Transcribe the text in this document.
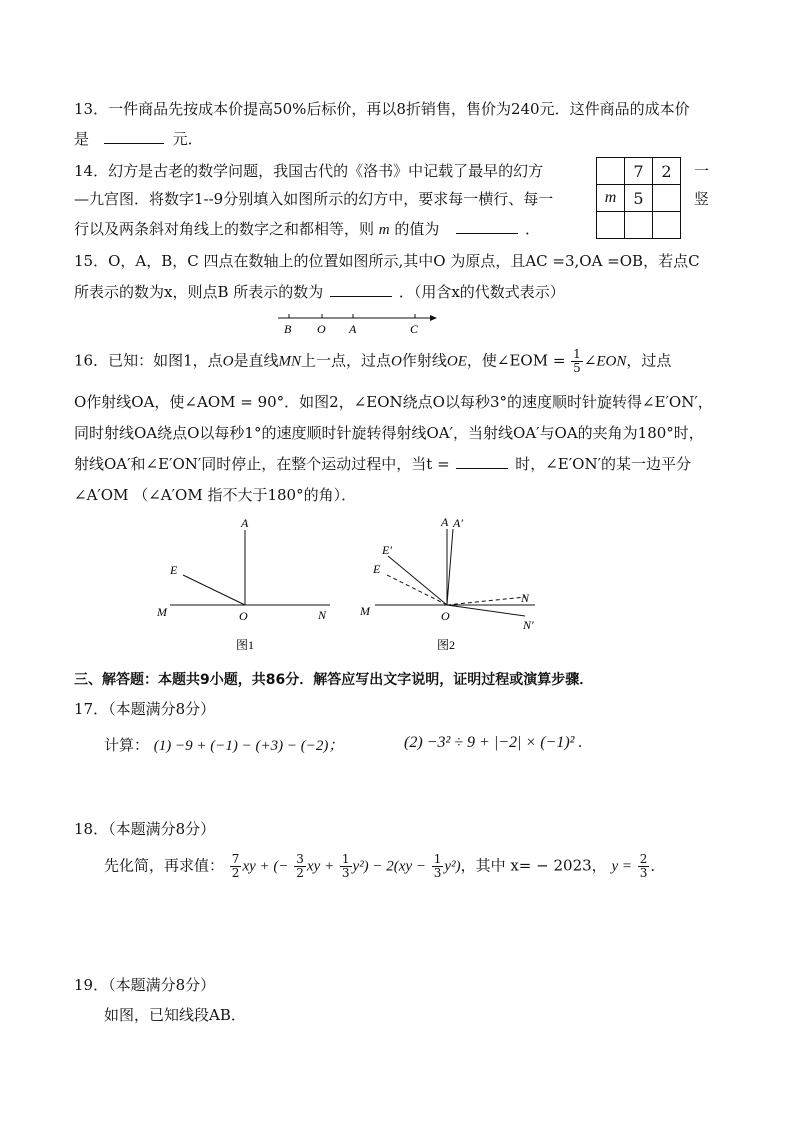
13．一件商品先按成本价提高50%后标价，再以8折销售，售价为240元．这件商品的成本价
是	元．
14．幻方是古老的数学问题，我国古代的《洛书》中记载了最早的幻方	一
—九宫图．将数字1--9分别填入如图所示的幻方中，要求每一横行、每一	竖
行以及两条斜对角线上的数字之和都相等，则 m 的值为	．
	7	2
m	5	

15．O，A，B，C 四点在数轴上的位置如图所示,其中O 为原点，且AC =3,OA =OB，若点C
所表示的数为x，则点B 所表示的数为	．（用含x的代数式表示）
B O A	C
16．已知：如图1，点O是直线MN上一点，过点O作射线OE，使∠EOM = $\frac{1}{5}$ ∠EON，过点
O作射线OA，使∠AOM = 90°．如图2，∠EON绕点O以每秒3°的速度顺时针旋转得∠E′ON′，
同时射线OA绕点O以每秒1°的速度顺时针旋转得射线OA′，当射线OA′与OA的夹角为180°时，
射线OA′和∠E′ON′同时停止，在整个运动过程中，当t =	时，∠E′ON′的某一边平分
∠A′OM （∠A′OM 指不大于180°的角）．
A
E
M	O	N
图1
A A′
E′
E
M	O
N
N′
图2
三、解答题：本题共9小题，共86分．解答应写出文字说明，证明过程或演算步骤．
17．（本题满分8分）
计算： (1) −9 + (−1) − (+3) − (−2)；	(2) −3² ÷ 9 + |−2| × (−1)² .
18．（本题满分8分）
先化简，再求值： $\frac{7}{2}$ xy + (− $\frac{3}{2}$ xy + $\frac{1}{3} y^2) - 2(xy - \frac{1}{3} y^2)$，其中 x= − 2023， $y = \frac{2}{3}$ ．
19．（本题满分8分）
如图，已知线段AB．
